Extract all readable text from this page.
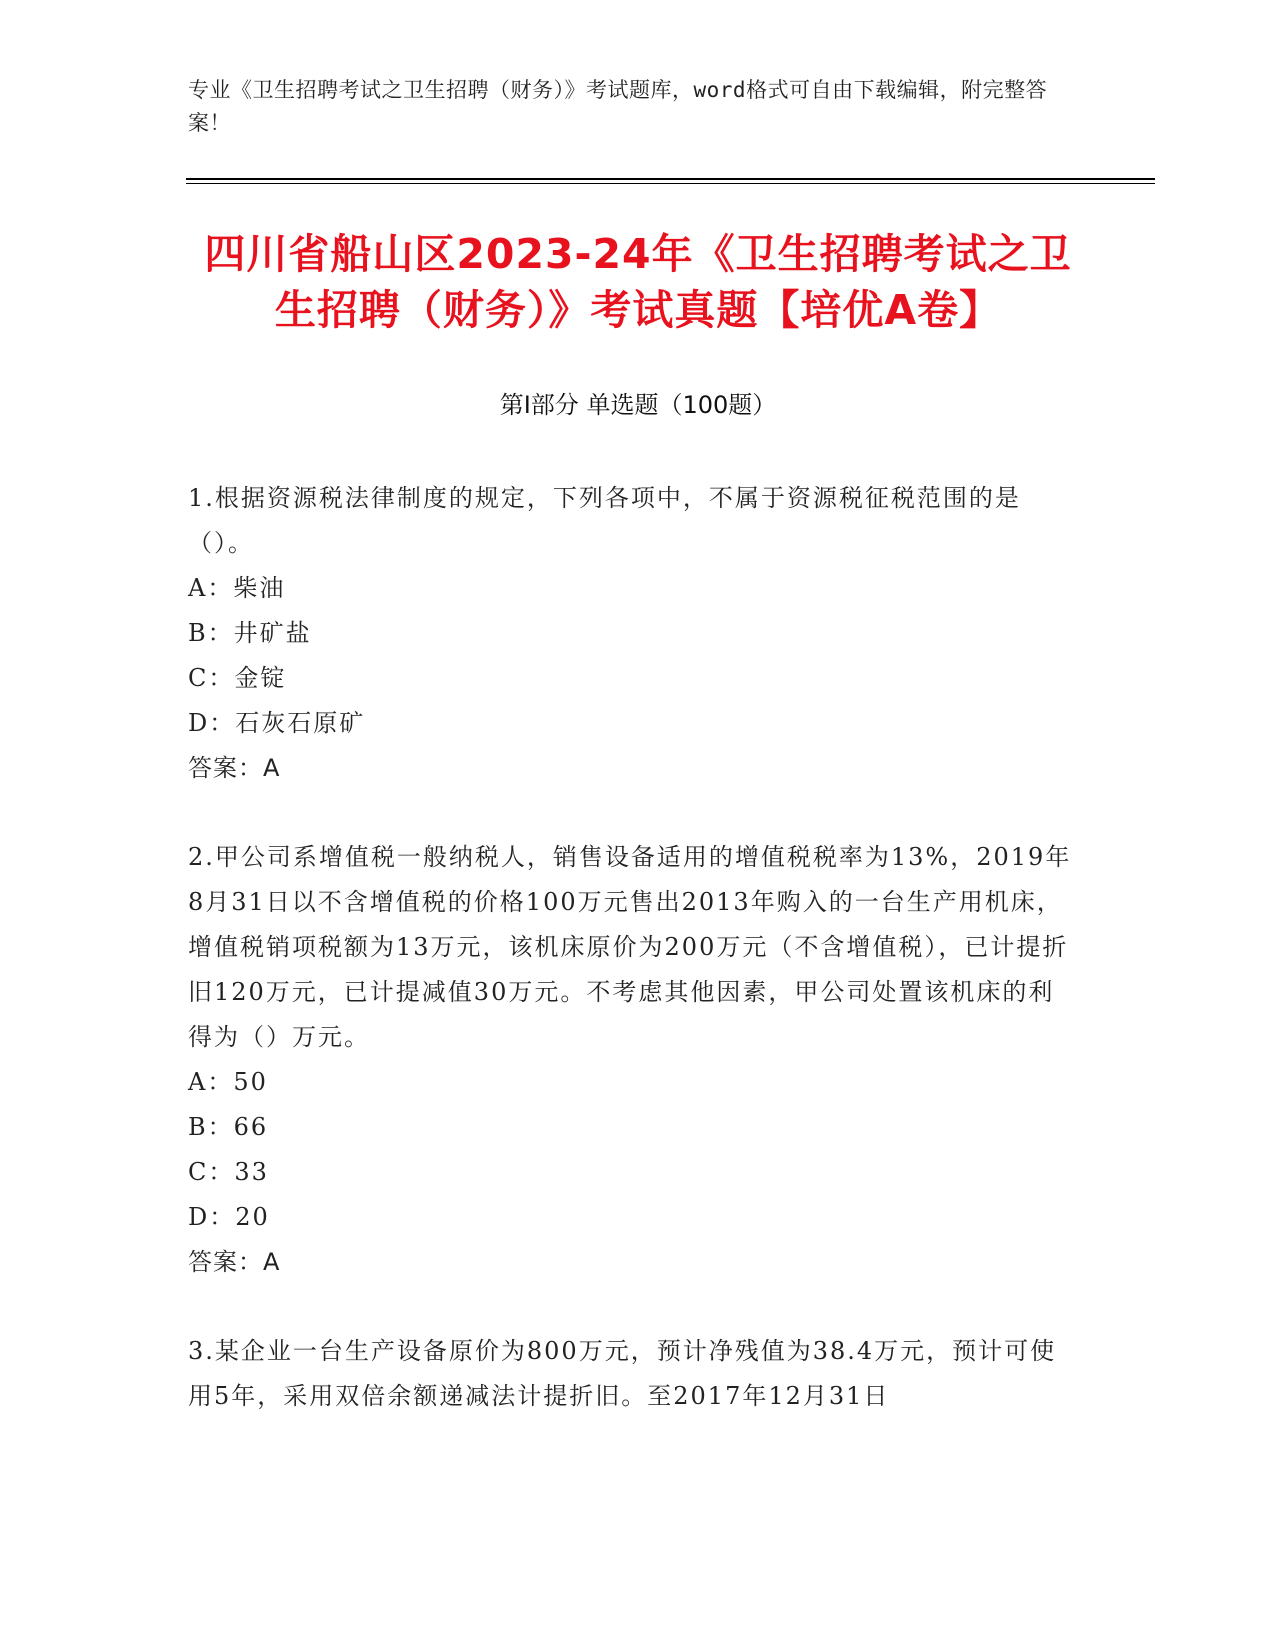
专业《卫生招聘考试之卫生招聘（财务）》考试题库，word格式可自由下载编辑，附完整答案！
四川省船山区2023-24年《卫生招聘考试之卫生招聘（财务）》考试真题【培优A卷】
第Ⅰ部分 单选题（100题）

1.根据资源税法律制度的规定，下列各项中，不属于资源税征税范围的是（）。

A：柴油

B：井矿盐

C：金锭

D：石灰石原矿

答案：A

2.甲公司系增值税一般纳税人，销售设备适用的增值税税率为13%，2019年8月31日以不含增值税的价格100万元售出2013年购入的一台生产用机床，增值税销项税额为13万元，该机床原价为200万元（不含增值税），已计提折旧120万元，已计提减值30万元。不考虑其他因素，甲公司处置该机床的利得为（）万元。

A：50

B：66

C：33

D：20

答案：A

3.某企业一台生产设备原价为800万元，预计净残值为38.4万元，预计可使用5年，采用双倍余额递减法计提折旧。至2017年12月31日
